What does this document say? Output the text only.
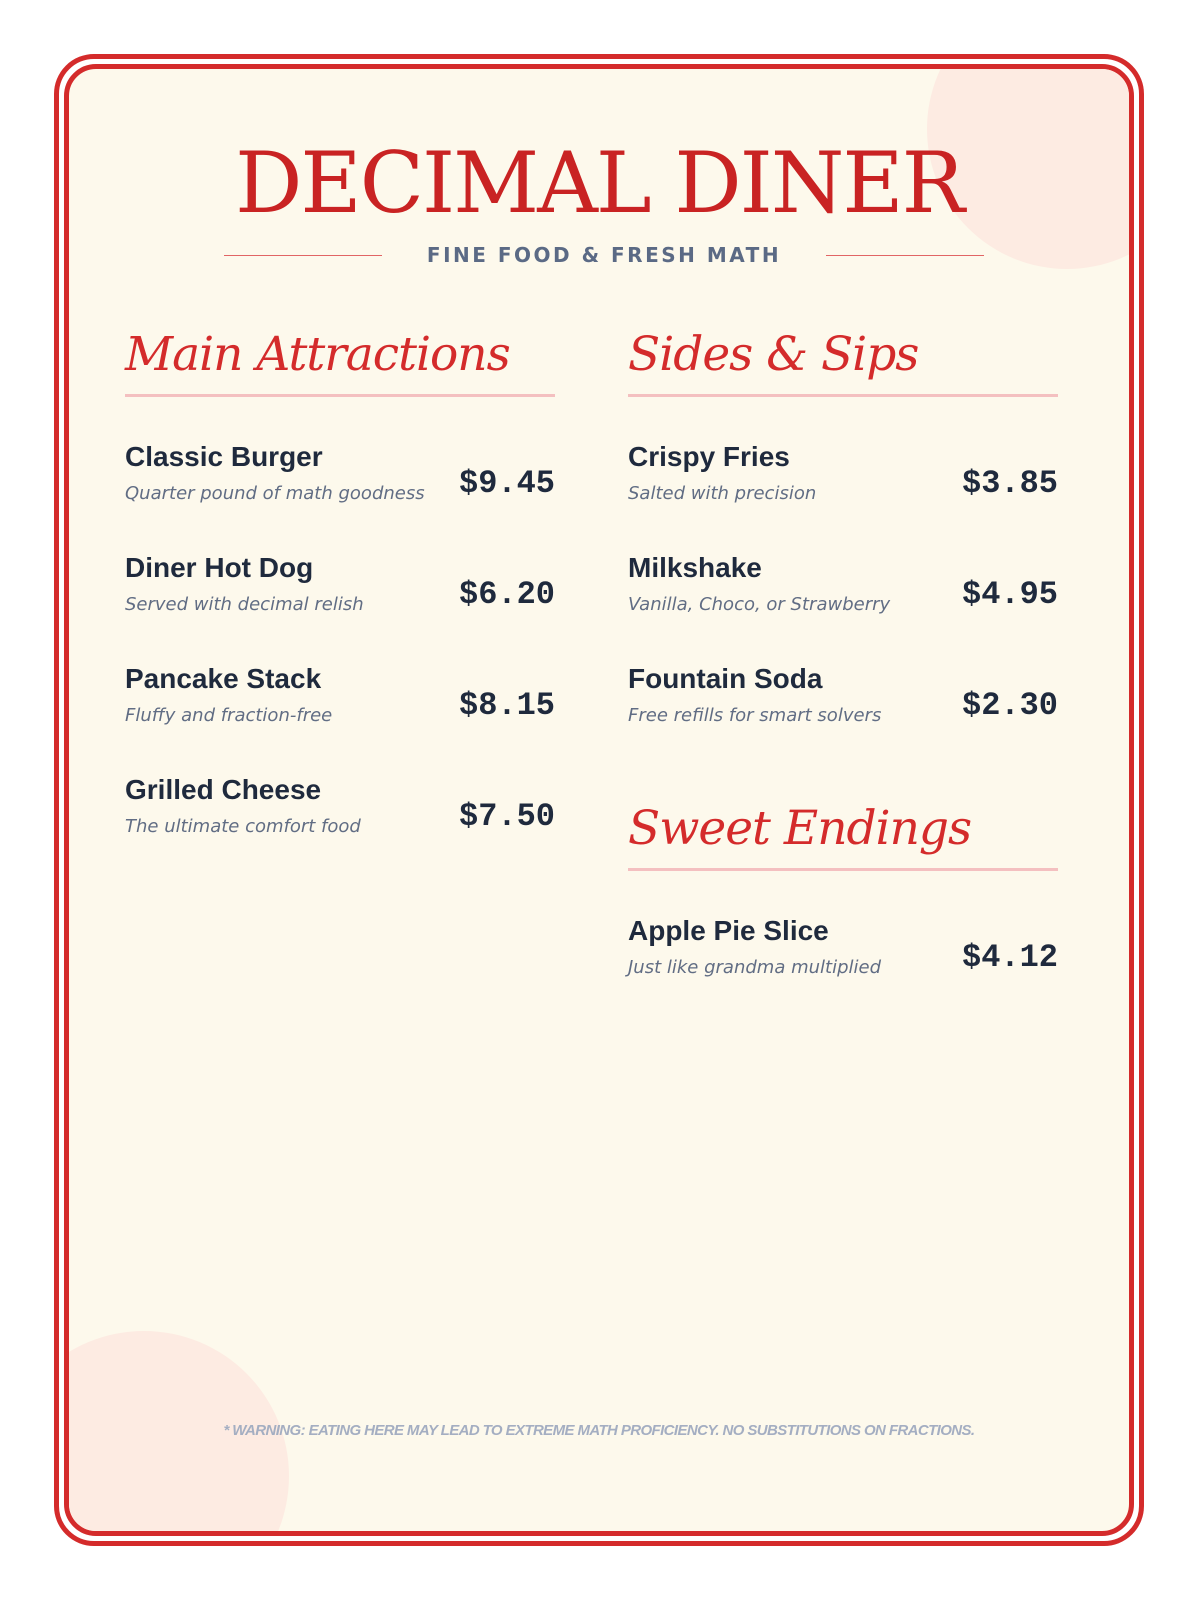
DECIMAL DINER
FINE FOOD & FRESH MATH
Main Attractions
Classic Burger
Quarter pound of math goodness	$9.45
Diner Hot Dog
Served with decimal relish	$6.20
Pancake Stack
Fluffy and fraction-free	$8.15
Grilled Cheese
The ultimate comfort food	$7.50
Sides & Sips
Crispy Fries
Salted with precision	$3.85
Milkshake
Vanilla, Choco, or Strawberry	$4.95
Fountain Soda
Free refills for smart solvers	$2.30
Sweet Endings
Apple Pie Slice
Just like grandma multiplied	$4.12
* WARNING: EATING HERE MAY LEAD TO EXTREME MATH PROFICIENCY. NO SUBSTITUTIONS ON FRACTIONS.
